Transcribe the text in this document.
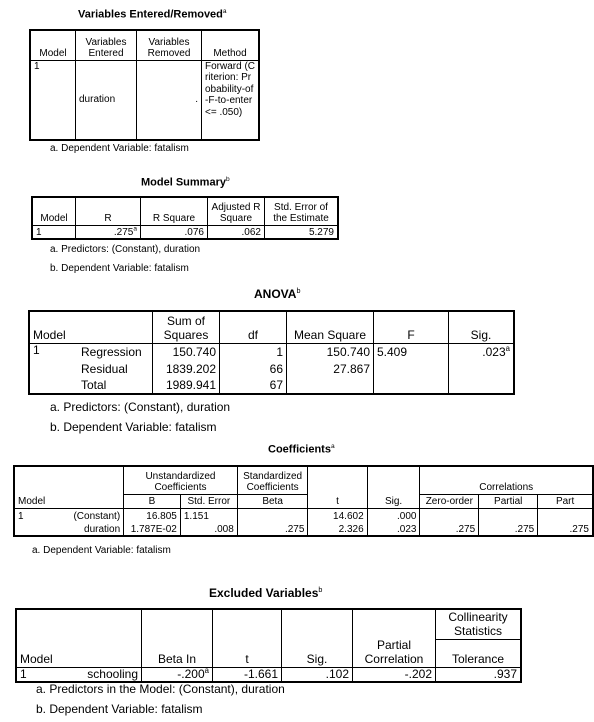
Variables Entered/Removed$^a$
Model	Variables Entered	Variables Removed	Method
1	duration	.	Forward (Criterion: Probability-of-F-to-enter <= .050)
a. Dependent Variable: fatalism
Model Summary$^b$
Model	R	R Square	Adjusted R Square	Std. Error of the Estimate
1	.275$^a$	.076	.062	5.279
a. Predictors: (Constant), duration
b. Dependent Variable: fatalism
ANOVA$^b$
Model		Sum of Squares	df	Mean Square	F	Sig.
1	Regression	150.740	1	150.740	5.409	.023$^a$
	Residual	1839.202	66	27.867		
	Total	1989.941	67			
a. Predictors: (Constant), duration
b. Dependent Variable: fatalism
Coefficients$^a$
		Unstandardized Coefficients		Standardized Coefficients			Correlations		
Model		B	Std. Error	Beta	t	Sig.	Zero-order	Partial	Part
1	(Constant)	16.805	1.151		14.602	.000			
	duration	1.787E-02	.008	.275	2.326	.023	.275	.275	.275
a. Dependent Variable: fatalism
Excluded Variables$^b$
						Collinearity Statistics
Model		Beta In	t	Sig.	Partial Correlation	Tolerance
1	schooling	-.200$^a$	-1.661	.102	-.202	.937
a. Predictors in the Model: (Constant), duration
b. Dependent Variable: fatalism
